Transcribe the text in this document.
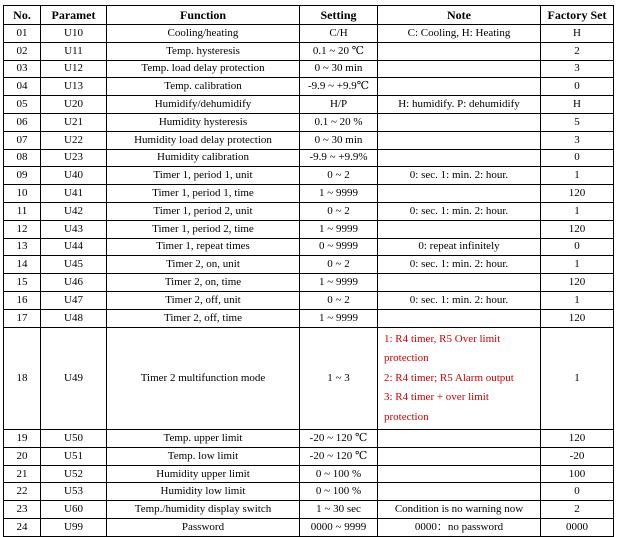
No.	Paramet	Function	Setting	Note	Factory Set
01	U10	Cooling/heating	C/H	C: Cooling, H: Heating	H
02	U11	Temp. hysteresis	0.1 ~ 20 ℃		2
03	U12	Temp. load delay protection	0 ~ 30 min		3
04	U13	Temp. calibration	-9.9 ~ +9.9℃		0
05	U20	Humidify/dehumidify	H/P	H: humidify. P: dehumidify	H
06	U21	Humidity hysteresis	0.1 ~ 20 %		5
07	U22	Humidity load delay protection	0 ~ 30 min		3
08	U23	Humidity calibration	-9.9 ~ +9.9%		0
09	U40	Timer 1, period 1, unit	0 ~ 2	0: sec. 1: min. 2: hour.	1
10	U41	Timer 1, period 1, time	1 ~ 9999		120
11	U42	Timer 1, period 2, unit	0 ~ 2	0: sec. 1: min. 2: hour.	1
12	U43	Timer 1, period 2, time	1 ~ 9999		120
13	U44	Timer 1, repeat times	0 ~ 9999	0: repeat infinitely	0
14	U45	Timer 2, on, unit	0 ~ 2	0: sec. 1: min. 2: hour.	1
15	U46	Timer 2, on, time	1 ~ 9999		120
16	U47	Timer 2, off, unit	0 ~ 2	0: sec. 1: min. 2: hour.	1
17	U48	Timer 2, off, time	1 ~ 9999		120
18	U49	Timer 2 multifunction mode	1 ~ 3	1: R4 timer, R5 Over limit
protection
2: R4 timer; R5 Alarm output
3: R4 timer + over limit protection	1
19	U50	Temp. upper limit	-20 ~ 120 ℃		120
20	U51	Temp. low limit	-20 ~ 120 ℃		-20
21	U52	Humidity upper limit	0 ~ 100 %		100
22	U53	Humidity low limit	0 ~ 100 %		0
23	U60	Temp./humidity display switch	1 ~ 30 sec	Condition is no warning now	2
24	U99	Password	0000 ~ 9999	0000：no password	0000
